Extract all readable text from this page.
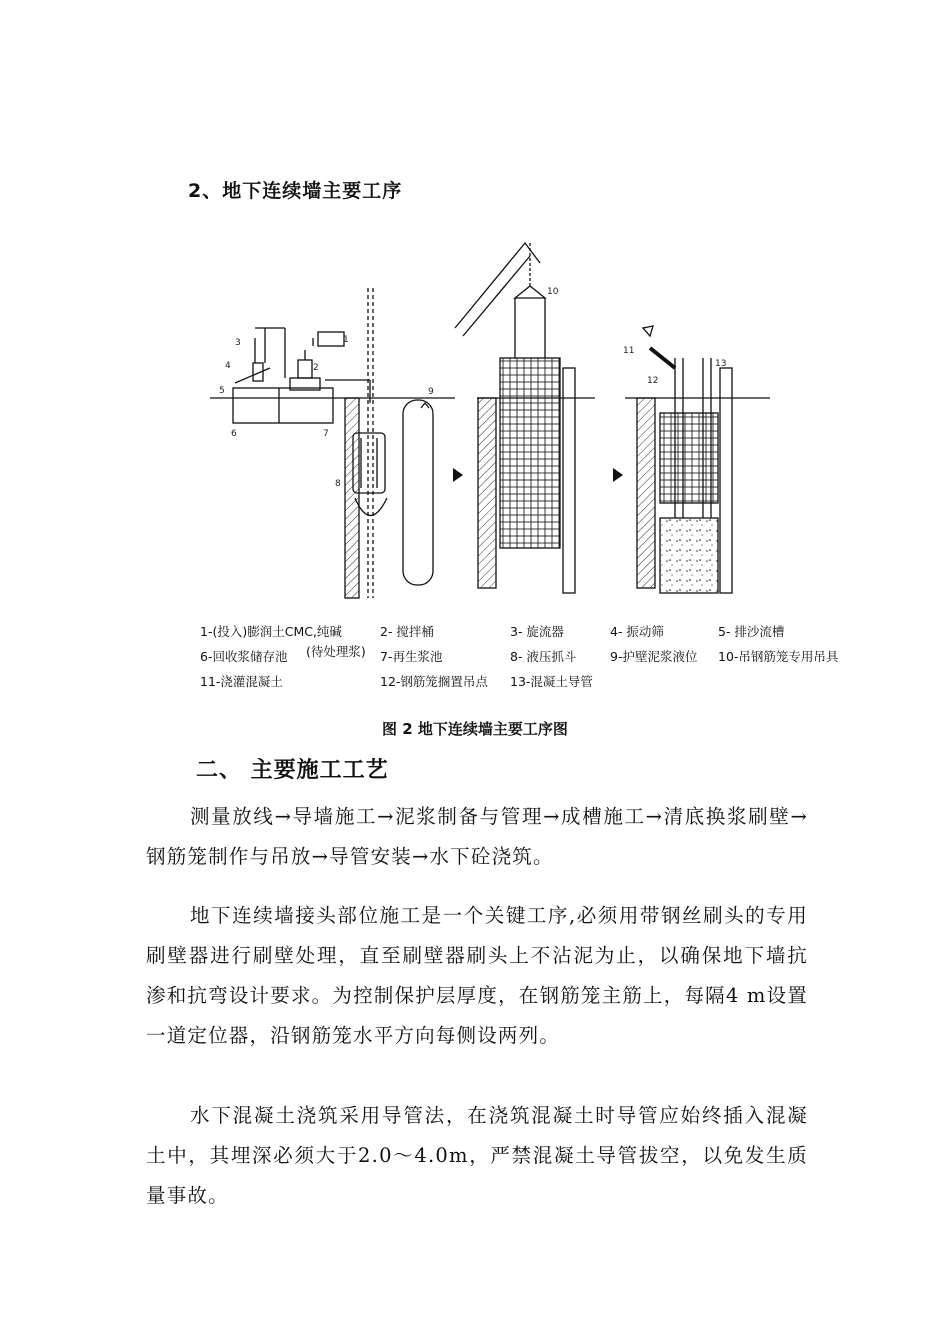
2、地下连续墙主要工序
1
2
3
4
5
6	7
8
9
10
11
12
13
1-(投入)膨润土CMC,纯碱	2- 搅拌桶	3- 旋流器	4- 振动筛	5- 排沙流槽
6-回收浆储存池 (待处理浆) 7-再生浆池	8- 液压抓斗	9-护壁泥浆液位 10-吊钢筋笼专用吊具
11-浇灌混凝土	12-钢筋笼搁置吊点 13-混凝土导管
图 2 地下连续墙主要工序图
二、 主要施工工艺
测量放线→导墙施工→泥浆制备与管理→成槽施工→清底换浆刷壁→钢筋笼制作与吊放→导管安装→水下砼浇筑。
地下连续墙接头部位施工是一个关键工序,必须用带钢丝刷头的专用刷壁器进行刷壁处理，直至刷壁器刷头上不沾泥为止，以确保地下墙抗渗和抗弯设计要求。为控制保护层厚度，在钢筋笼主筋上，每隔4 m设置一道定位器，沿钢筋笼水平方向每侧设两列。
水下混凝土浇筑采用导管法，在浇筑混凝土时导管应始终插入混凝土中，其埋深必须大于2.0～4.0m，严禁混凝土导管拔空，以免发生质量事故。
